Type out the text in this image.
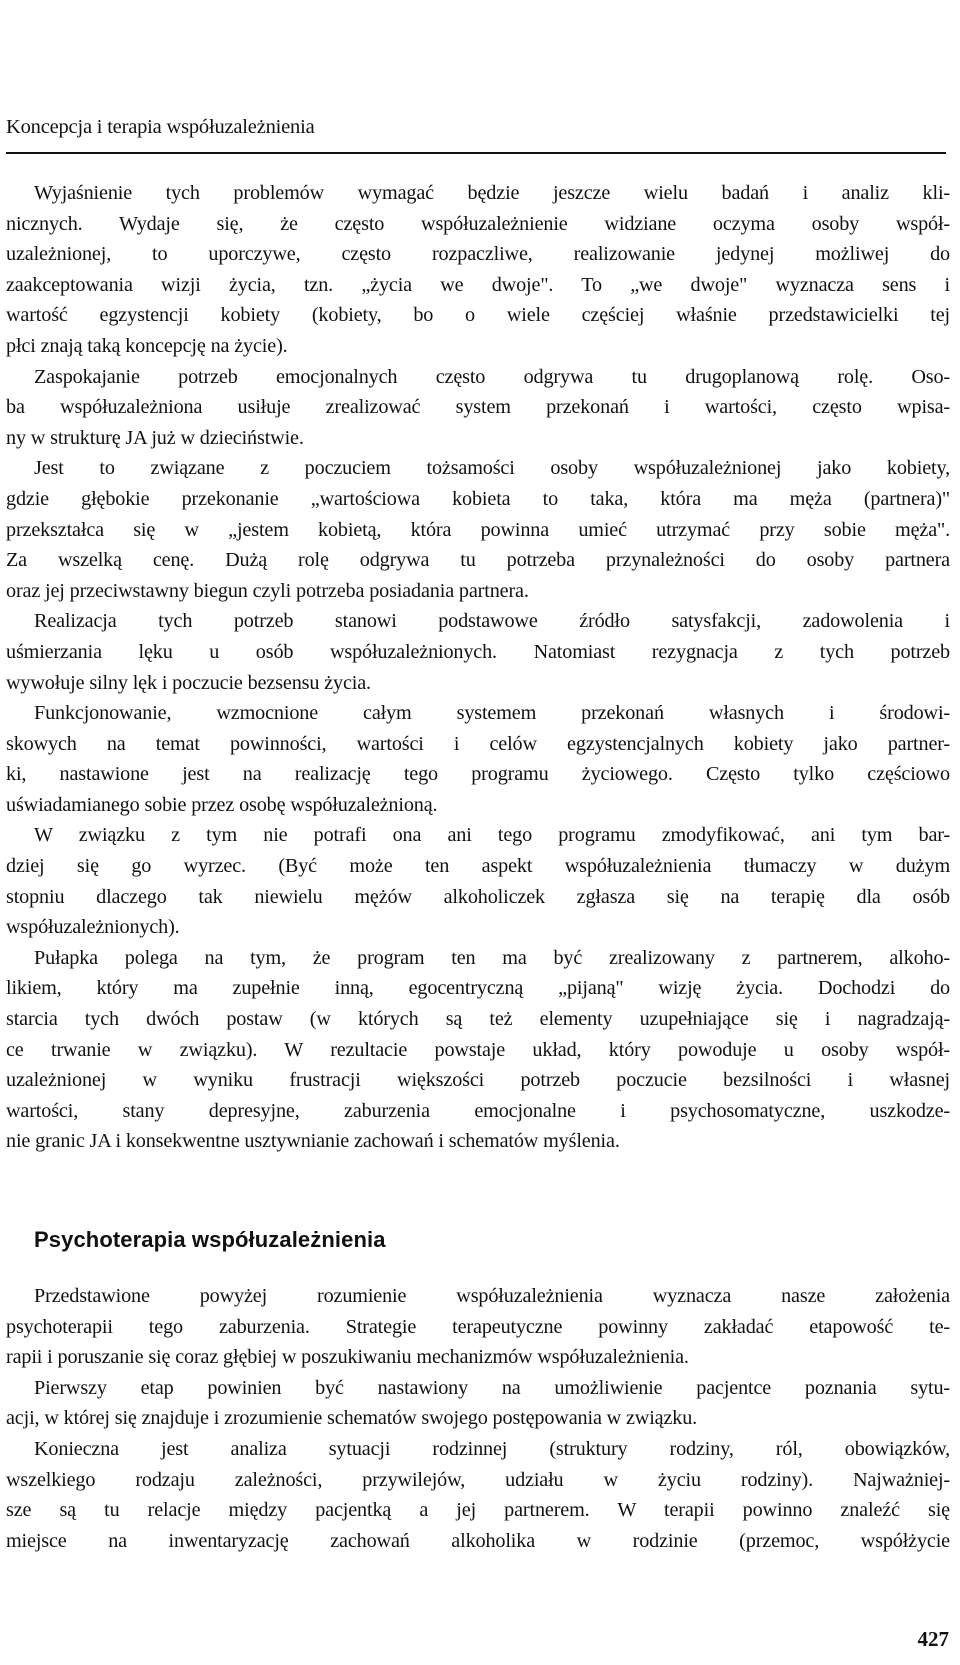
Koncepcja i terapia współuzależnienia
Wyjaśnienie tych problemów wymagać będzie jeszcze wielu badań i analiz kli-
nicznych. Wydaje się, że często współuzależnienie widziane oczyma osoby współ-
uzależnionej, to uporczywe, często rozpaczliwe, realizowanie jedynej możliwej do
zaakceptowania wizji życia, tzn. „życia we dwoje". To „we dwoje" wyznacza sens i
wartość egzystencji kobiety (kobiety, bo o wiele częściej właśnie przedstawicielki tej
płci znają taką koncepcję na życie).
Zaspokajanie potrzeb emocjonalnych często odgrywa tu drugoplanową rolę. Oso-
ba współuzależniona usiłuje zrealizować system przekonań i wartości, często wpisa-
ny w strukturę JA już w dzieciństwie.
Jest to związane z poczuciem tożsamości osoby współuzależnionej jako kobiety,
gdzie głębokie przekonanie „wartościowa kobieta to taka, która ma męża (partnera)"
przekształca się w „jestem kobietą, która powinna umieć utrzymać przy sobie męża".
Za wszelką cenę. Dużą rolę odgrywa tu potrzeba przynależności do osoby partnera
oraz jej przeciwstawny biegun czyli potrzeba posiadania partnera.
Realizacja tych potrzeb stanowi podstawowe źródło satysfakcji, zadowolenia i
uśmierzania lęku u osób współuzależnionych. Natomiast rezygnacja z tych potrzeb
wywołuje silny lęk i poczucie bezsensu życia.
Funkcjonowanie, wzmocnione całym systemem przekonań własnych i środowi-
skowych na temat powinności, wartości i celów egzystencjalnych kobiety jako partner-
ki, nastawione jest na realizację tego programu życiowego. Często tylko częściowo
uświadamianego sobie przez osobę współuzależnioną.
W związku z tym nie potrafi ona ani tego programu zmodyfikować, ani tym bar-
dziej się go wyrzec. (Być może ten aspekt współuzależnienia tłumaczy w dużym
stopniu dlaczego tak niewielu mężów alkoholiczek zgłasza się na terapię dla osób
współuzależnionych).
Pułapka polega na tym, że program ten ma być zrealizowany z partnerem, alkoho-
likiem, który ma zupełnie inną, egocentryczną „pijaną" wizję życia. Dochodzi do
starcia tych dwóch postaw (w których są też elementy uzupełniające się i nagradzają-
ce trwanie w związku). W rezultacie powstaje układ, który powoduje u osoby współ-
uzależnionej w wyniku frustracji większości potrzeb poczucie bezsilności i własnej
wartości, stany depresyjne, zaburzenia emocjonalne i psychosomatyczne, uszkodze-
nie granic JA i konsekwentne usztywnianie zachowań i schematów myślenia.
Psychoterapia współuzależnienia
Przedstawione powyżej rozumienie współuzależnienia wyznacza nasze założenia
psychoterapii tego zaburzenia. Strategie terapeutyczne powinny zakładać etapowość te-
rapii i poruszanie się coraz głębiej w poszukiwaniu mechanizmów współuzależnienia.
Pierwszy etap powinien być nastawiony na umożliwienie pacjentce poznania sytu-
acji, w której się znajduje i zrozumienie schematów swojego postępowania w związku.
Konieczna jest analiza sytuacji rodzinnej (struktury rodziny, ról, obowiązków,
wszelkiego rodzaju zależności, przywilejów, udziału w życiu rodziny). Najważniej-
sze są tu relacje między pacjentką a jej partnerem. W terapii powinno znaleźć się
miejsce na inwentaryzację zachowań alkoholika w rodzinie (przemoc, współżycie
427
